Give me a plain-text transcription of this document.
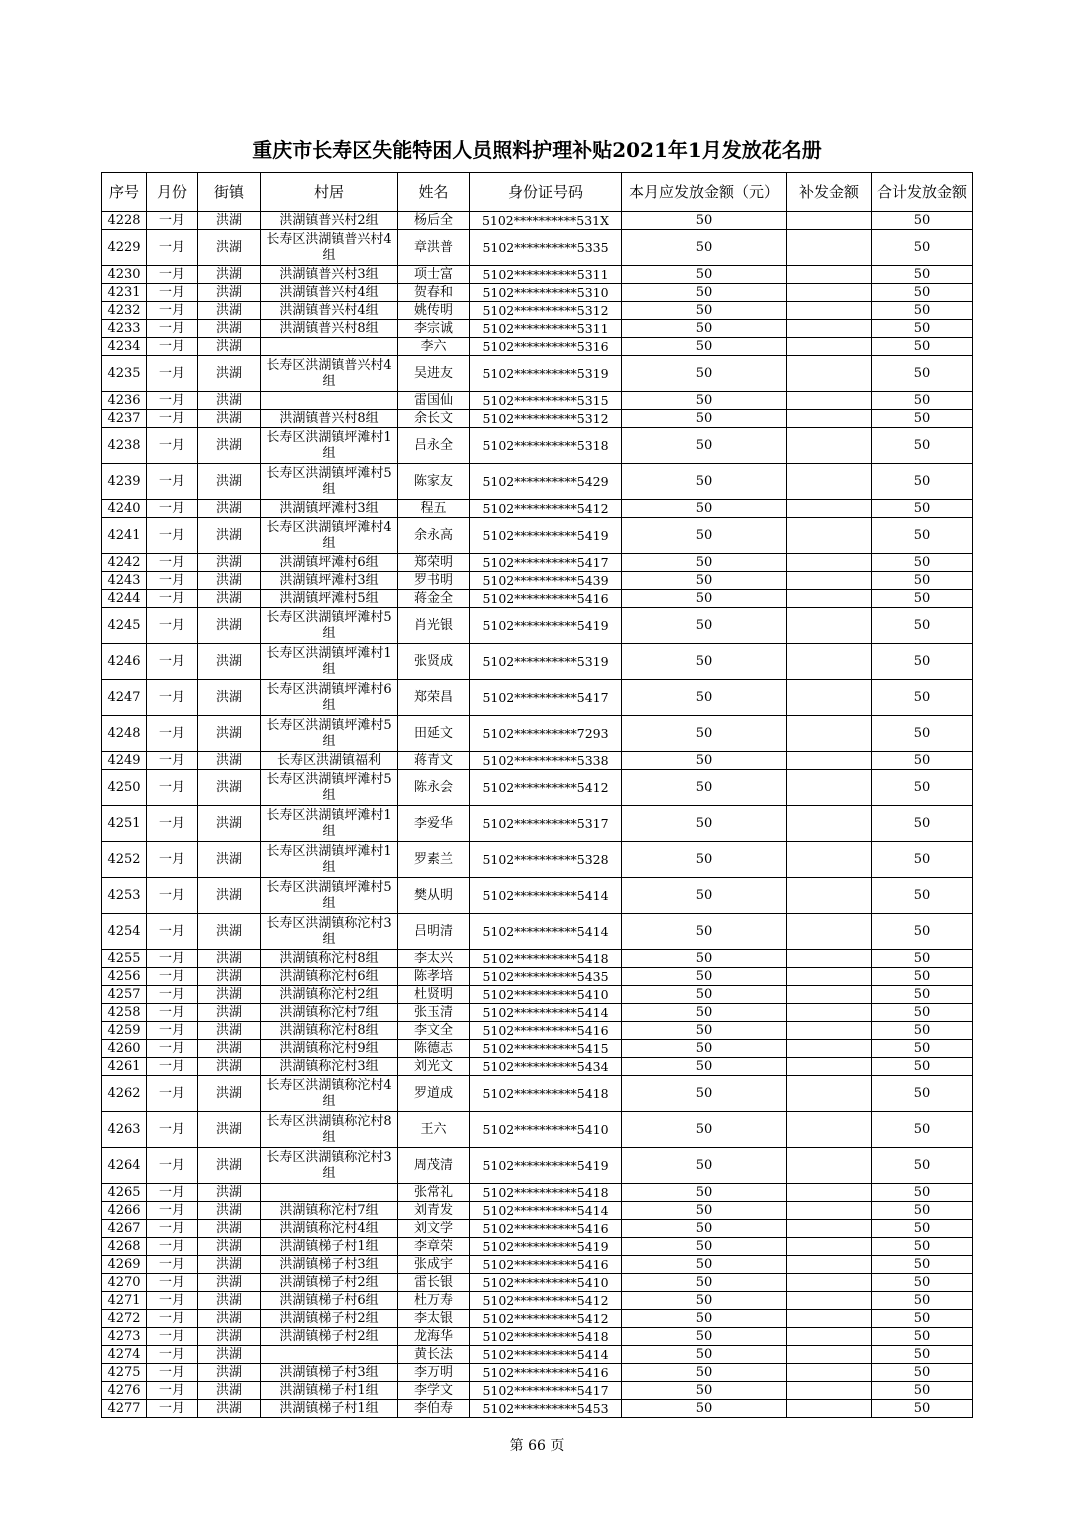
重庆市长寿区失能特困人员照料护理补贴2021年1月发放花名册
序号	月份	街镇	村居	姓名	身份证号码	本月应发放金额（元）	补发金额	合计发放金额
4228	一月	洪湖	洪湖镇普兴村2组	杨后全	5102**********531X	50		50
4229	一月	洪湖	长寿区洪湖镇普兴村4组	章洪普	5102**********5335	50		50
4230	一月	洪湖	洪湖镇普兴村3组	项士富	5102**********5311	50		50
4231	一月	洪湖	洪湖镇普兴村4组	贺春和	5102**********5310	50		50
4232	一月	洪湖	洪湖镇普兴村4组	姚传明	5102**********5312	50		50
4233	一月	洪湖	洪湖镇普兴村8组	李宗诚	5102**********5311	50		50
4234	一月	洪湖		李六	5102**********5316	50		50
4235	一月	洪湖	长寿区洪湖镇普兴村4组	吴进友	5102**********5319	50		50
4236	一月	洪湖		雷国仙	5102**********5315	50		50
4237	一月	洪湖	洪湖镇普兴村8组	余长文	5102**********5312	50		50
4238	一月	洪湖	长寿区洪湖镇坪滩村1组	吕永全	5102**********5318	50		50
4239	一月	洪湖	长寿区洪湖镇坪滩村5组	陈家友	5102**********5429	50		50
4240	一月	洪湖	洪湖镇坪滩村3组	程五	5102**********5412	50		50
4241	一月	洪湖	长寿区洪湖镇坪滩村4组	余永高	5102**********5419	50		50
4242	一月	洪湖	洪湖镇坪滩村6组	郑荣明	5102**********5417	50		50
4243	一月	洪湖	洪湖镇坪滩村3组	罗书明	5102**********5439	50		50
4244	一月	洪湖	洪湖镇坪滩村5组	蒋金全	5102**********5416	50		50
4245	一月	洪湖	长寿区洪湖镇坪滩村5组	肖光银	5102**********5419	50		50
4246	一月	洪湖	长寿区洪湖镇坪滩村1组	张贤成	5102**********5319	50		50
4247	一月	洪湖	长寿区洪湖镇坪滩村6组	郑荣昌	5102**********5417	50		50
4248	一月	洪湖	长寿区洪湖镇坪滩村5组	田延文	5102**********7293	50		50
4249	一月	洪湖	长寿区洪湖镇福利	蒋青文	5102**********5338	50		50
4250	一月	洪湖	长寿区洪湖镇坪滩村5组	陈永会	5102**********5412	50		50
4251	一月	洪湖	长寿区洪湖镇坪滩村1组	李爱华	5102**********5317	50		50
4252	一月	洪湖	长寿区洪湖镇坪滩村1组	罗素兰	5102**********5328	50		50
4253	一月	洪湖	长寿区洪湖镇坪滩村5组	樊从明	5102**********5414	50		50
4254	一月	洪湖	长寿区洪湖镇称沱村3组	吕明清	5102**********5414	50		50
4255	一月	洪湖	洪湖镇称沱村8组	李太兴	5102**********5418	50		50
4256	一月	洪湖	洪湖镇称沱村6组	陈孝培	5102**********5435	50		50
4257	一月	洪湖	洪湖镇称沱村2组	杜贤明	5102**********5410	50		50
4258	一月	洪湖	洪湖镇称沱村7组	张玉清	5102**********5414	50		50
4259	一月	洪湖	洪湖镇称沱村8组	李文全	5102**********5416	50		50
4260	一月	洪湖	洪湖镇称沱村9组	陈德志	5102**********5415	50		50
4261	一月	洪湖	洪湖镇称沱村3组	刘光文	5102**********5434	50		50
4262	一月	洪湖	长寿区洪湖镇称沱村4组	罗道成	5102**********5418	50		50
4263	一月	洪湖	长寿区洪湖镇称沱村8组	王六	5102**********5410	50		50
4264	一月	洪湖	长寿区洪湖镇称沱村3组	周茂清	5102**********5419	50		50
4265	一月	洪湖		张常礼	5102**********5418	50		50
4266	一月	洪湖	洪湖镇称沱村7组	刘青发	5102**********5414	50		50
4267	一月	洪湖	洪湖镇称沱村4组	刘文学	5102**********5416	50		50
4268	一月	洪湖	洪湖镇梯子村1组	李章荣	5102**********5419	50		50
4269	一月	洪湖	洪湖镇梯子村3组	张成宇	5102**********5416	50		50
4270	一月	洪湖	洪湖镇梯子村2组	雷长银	5102**********5410	50		50
4271	一月	洪湖	洪湖镇梯子村6组	杜万寿	5102**********5412	50		50
4272	一月	洪湖	洪湖镇梯子村2组	李太银	5102**********5412	50		50
4273	一月	洪湖	洪湖镇梯子村2组	龙海华	5102**********5418	50		50
4274	一月	洪湖		黄长法	5102**********5414	50		50
4275	一月	洪湖	洪湖镇梯子村3组	李万明	5102**********5416	50		50
4276	一月	洪湖	洪湖镇梯子村1组	李学文	5102**********5417	50		50
4277	一月	洪湖	洪湖镇梯子村1组	李伯寿	5102**********5453	50		50
第 66 页
